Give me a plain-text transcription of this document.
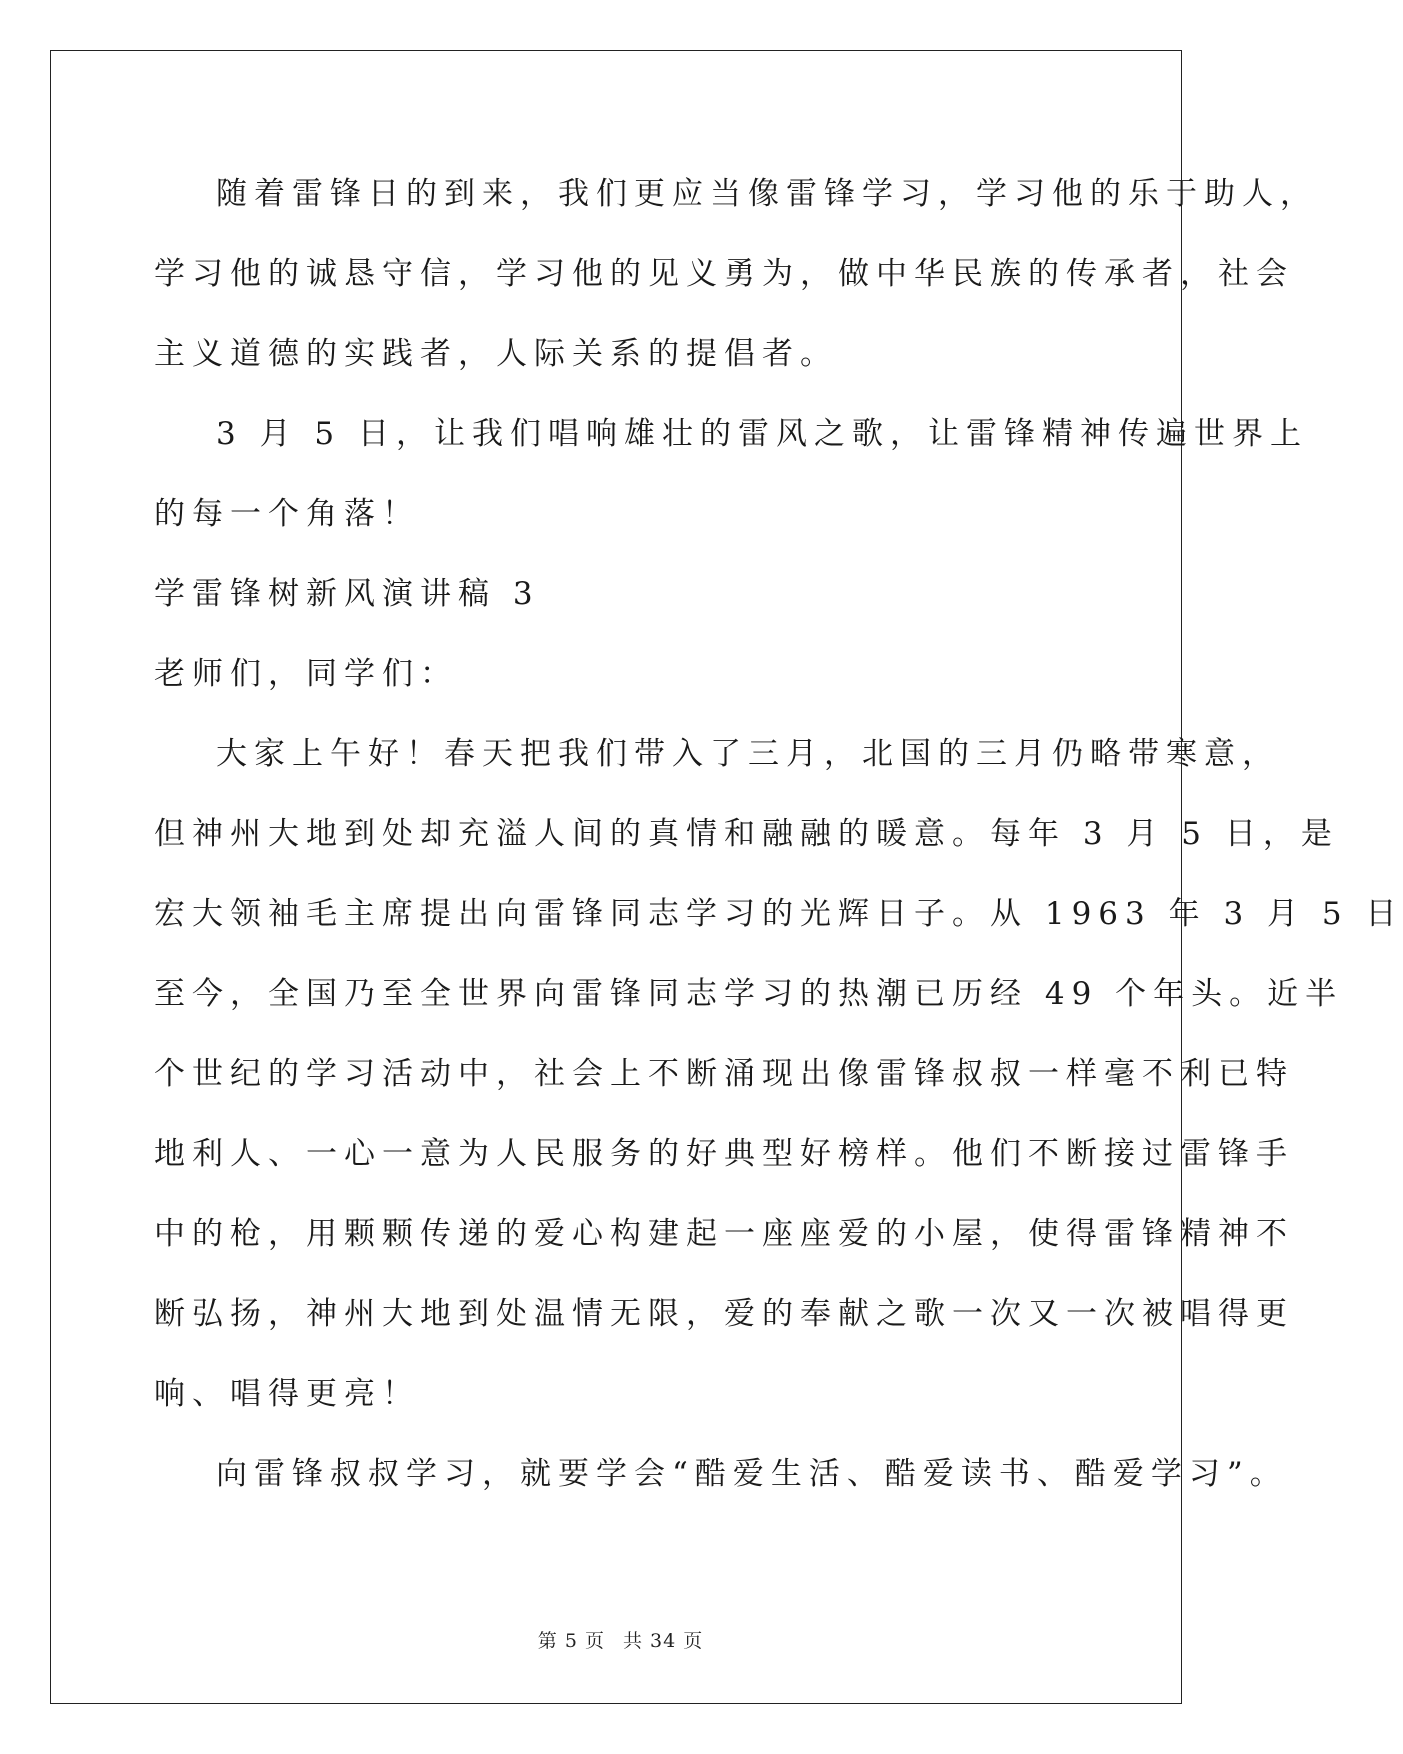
随着雷锋日的到来，我们更应当像雷锋学习，学习他的乐于助人，
学习他的诚恳守信，学习他的见义勇为，做中华民族的传承者，社会
主义道德的实践者，人际关系的提倡者。
3 月 5 日，让我们唱响雄壮的雷风之歌，让雷锋精神传遍世界上
的每一个角落！
学雷锋树新风演讲稿 3
老师们，同学们：
大家上午好！春天把我们带入了三月，北国的三月仍略带寒意，
但神州大地到处却充溢人间的真情和融融的暖意。每年 3 月 5 日，是
宏大领袖毛主席提出向雷锋同志学习的光辉日子。从 1963 年 3 月 5 日
至今，全国乃至全世界向雷锋同志学习的热潮已历经 49 个年头。近半
个世纪的学习活动中，社会上不断涌现出像雷锋叔叔一样毫不利已特
地利人、一心一意为人民服务的好典型好榜样。他们不断接过雷锋手
中的枪，用颗颗传递的爱心构建起一座座爱的小屋，使得雷锋精神不
断弘扬，神州大地到处温情无限，爱的奉献之歌一次又一次被唱得更
响、唱得更亮！
向雷锋叔叔学习，就要学会“酷爱生活、酷爱读书、酷爱学习”。
第 5 页 共 34 页
